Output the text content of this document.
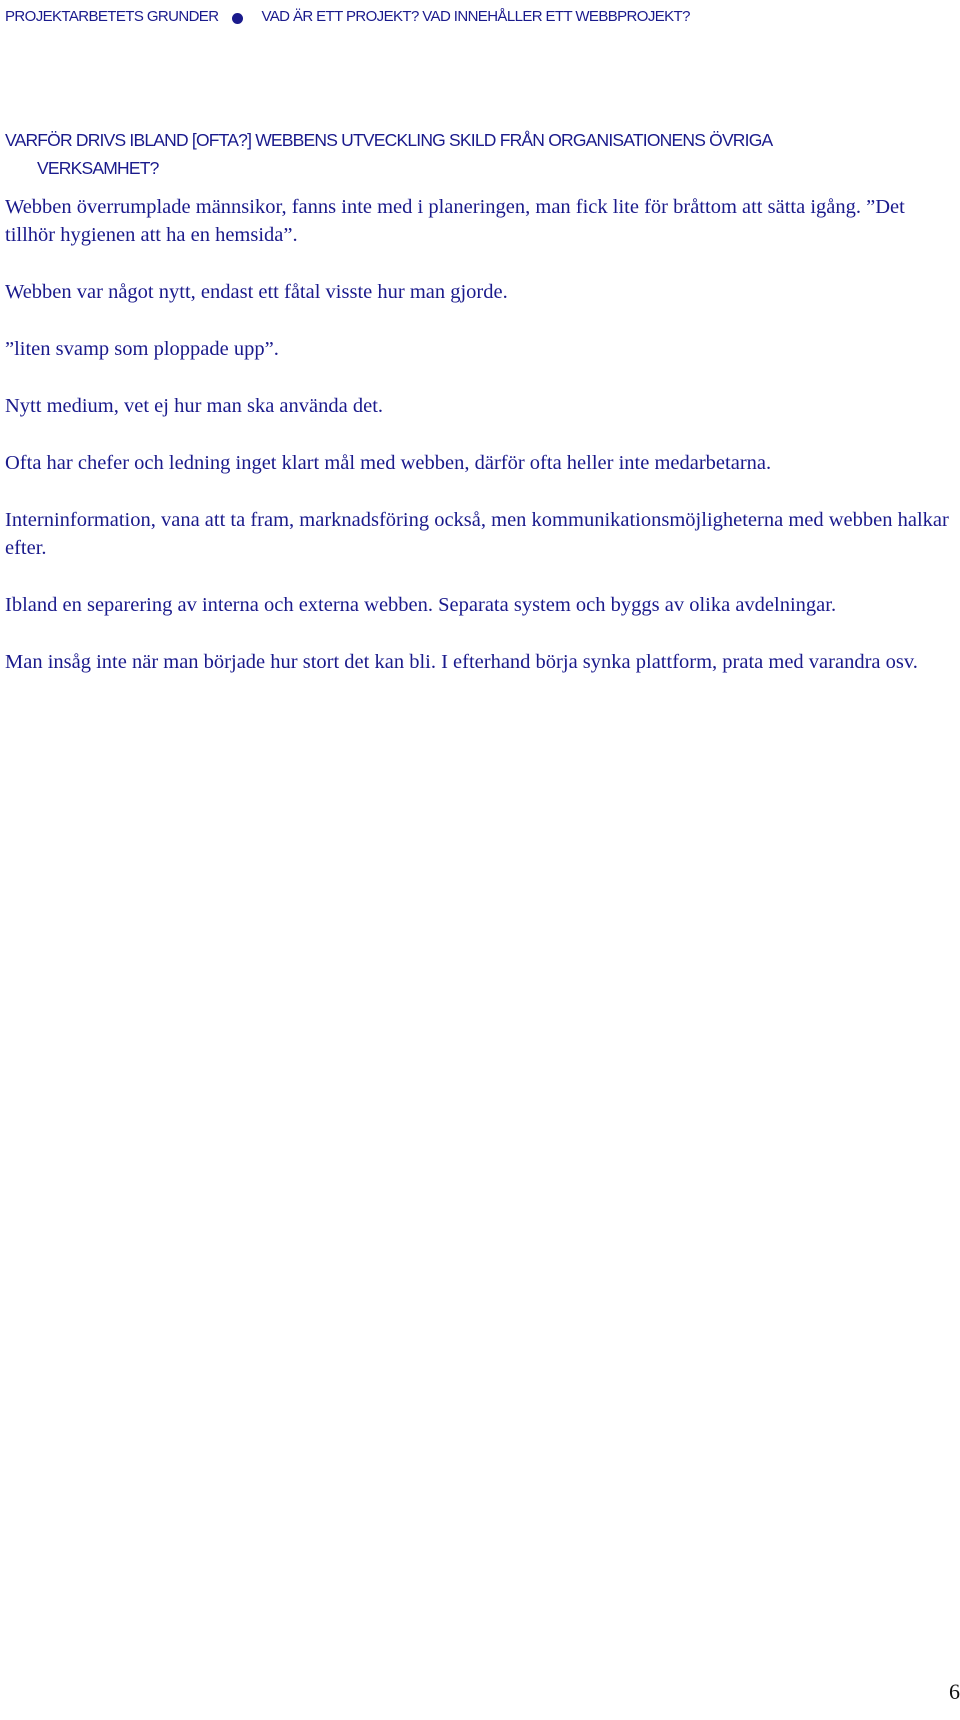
PROJEKTARBETETS GRUNDER	VAD ÄR ETT PROJEKT? VAD INNEHÅLLER ETT WEBBPROJEKT?
VARFÖR DRIVS IBLAND [OFTA?] WEBBENS UTVECKLING SKILD FRÅN ORGANISATIONENS ÖVRIGA
VERKSAMHET?

Webben överrumplade männsikor, fanns inte med i planeringen, man fick lite för bråttom att sätta igång. ”Det tillhör hygienen att ha en hemsida”.

Webben var något nytt, endast ett fåtal visste hur man gjorde.

”liten svamp som ploppade upp”.

Nytt medium, vet ej hur man ska använda det.

Ofta har chefer och ledning inget klart mål med webben, därför ofta heller inte medarbetarna.

Interninformation, vana att ta fram, marknadsföring också, men kommunikationsmöjligheterna med webben halkar efter.

Ibland en separering av interna och externa webben. Separata system och byggs av olika avdelningar.

Man insåg inte när man började hur stort det kan bli. I efterhand börja synka plattform, prata med varandra osv.

6
